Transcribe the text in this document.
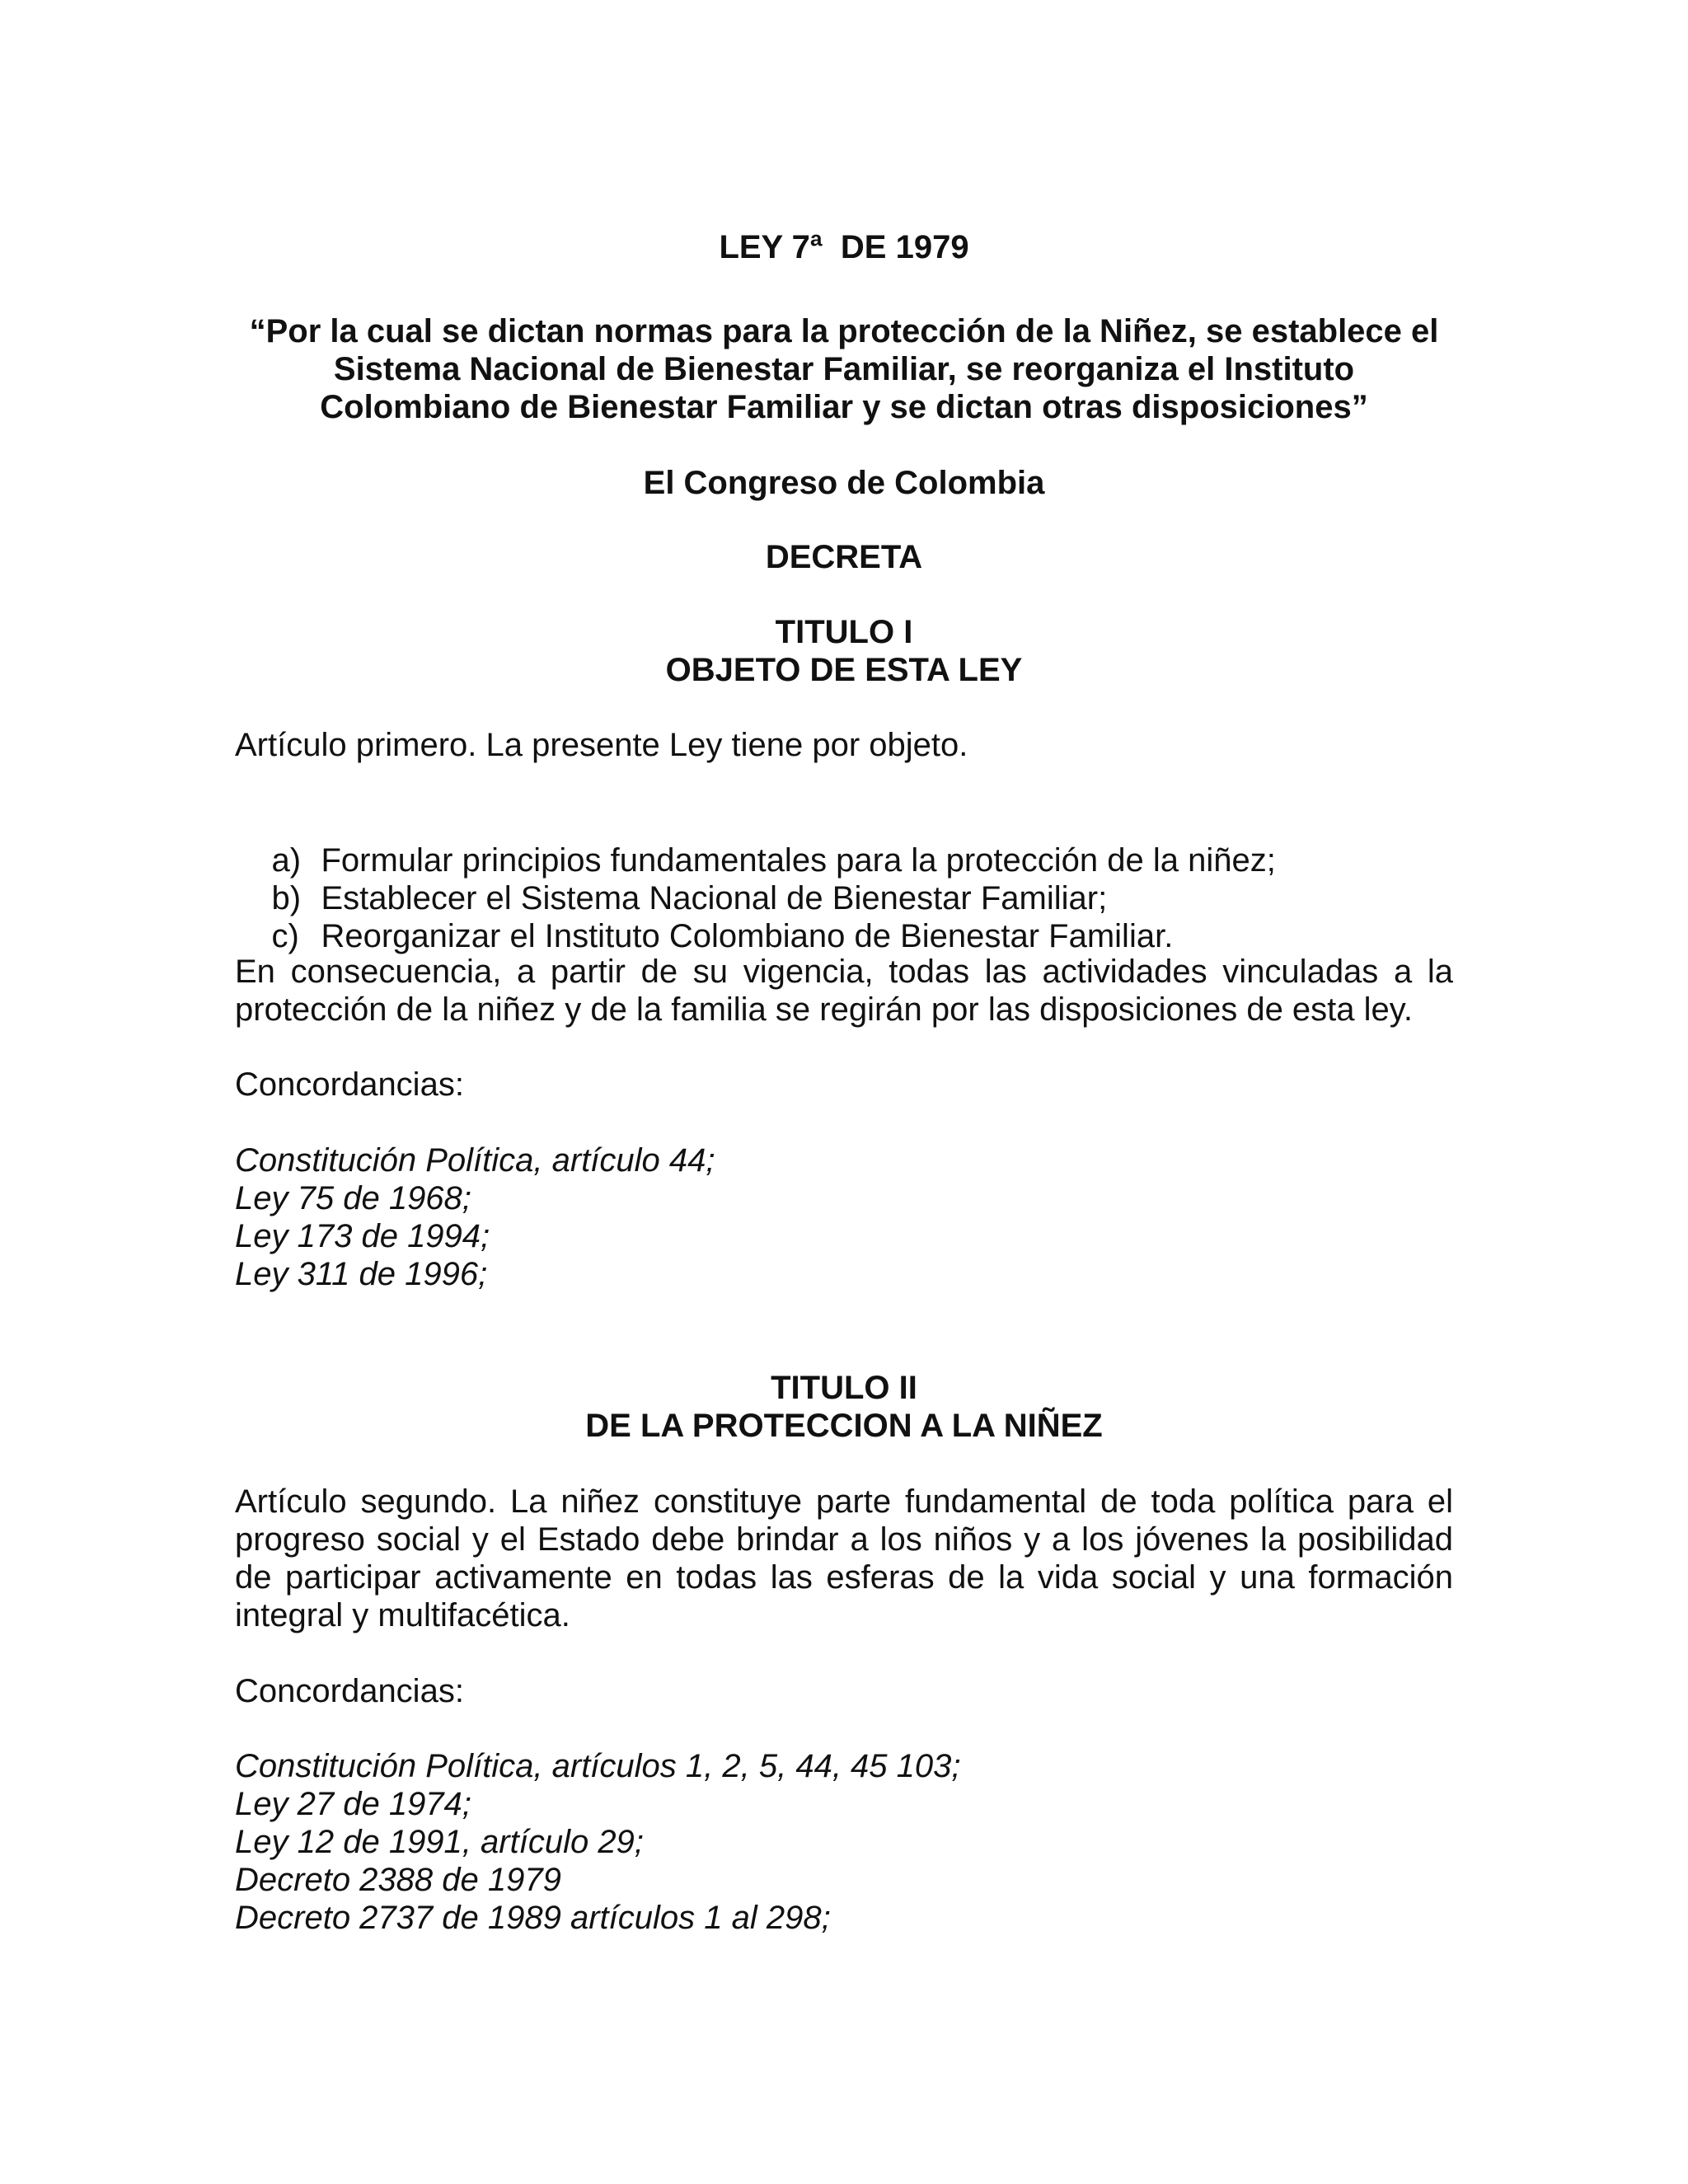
LEY 7ª  DE 1979
“Por la cual se dictan normas para la protección de la Niñez, se establece el
Sistema Nacional de Bienestar Familiar, se reorganiza el Instituto
Colombiano de Bienestar Familiar y se dictan otras disposiciones”
El Congreso de Colombia
DECRETA
TITULO I
OBJETO DE ESTA LEY
Artículo primero. La presente Ley tiene por objeto.

a) Formular principios fundamentales para la protección de la niñez;

b) Establecer el Sistema Nacional de Bienestar Familiar;

c) Reorganizar el Instituto Colombiano de Bienestar Familiar.

En consecuencia, a partir de su vigencia, todas las actividades vinculadas a la
protección de la niñez y de la familia se regirán por las disposiciones de esta ley.
Concordancias:
Constitución Política, artículo 44;
Ley 75 de 1968;
Ley 173 de 1994;
Ley 311 de 1996;
TITULO II
DE LA PROTECCION A LA NIÑEZ
Artículo segundo. La niñez constituye parte fundamental de toda política para el
progreso social y el Estado debe brindar a los niños y a los jóvenes la posibilidad
de participar activamente en todas las esferas de la vida social y una formación
integral y multifacética.
Concordancias:
Constitución Política, artículos 1, 2, 5, 44, 45 103;
Ley 27 de 1974;
Ley 12 de 1991, artículo 29;
Decreto 2388 de 1979
Decreto 2737 de 1989 artículos 1 al 298;
